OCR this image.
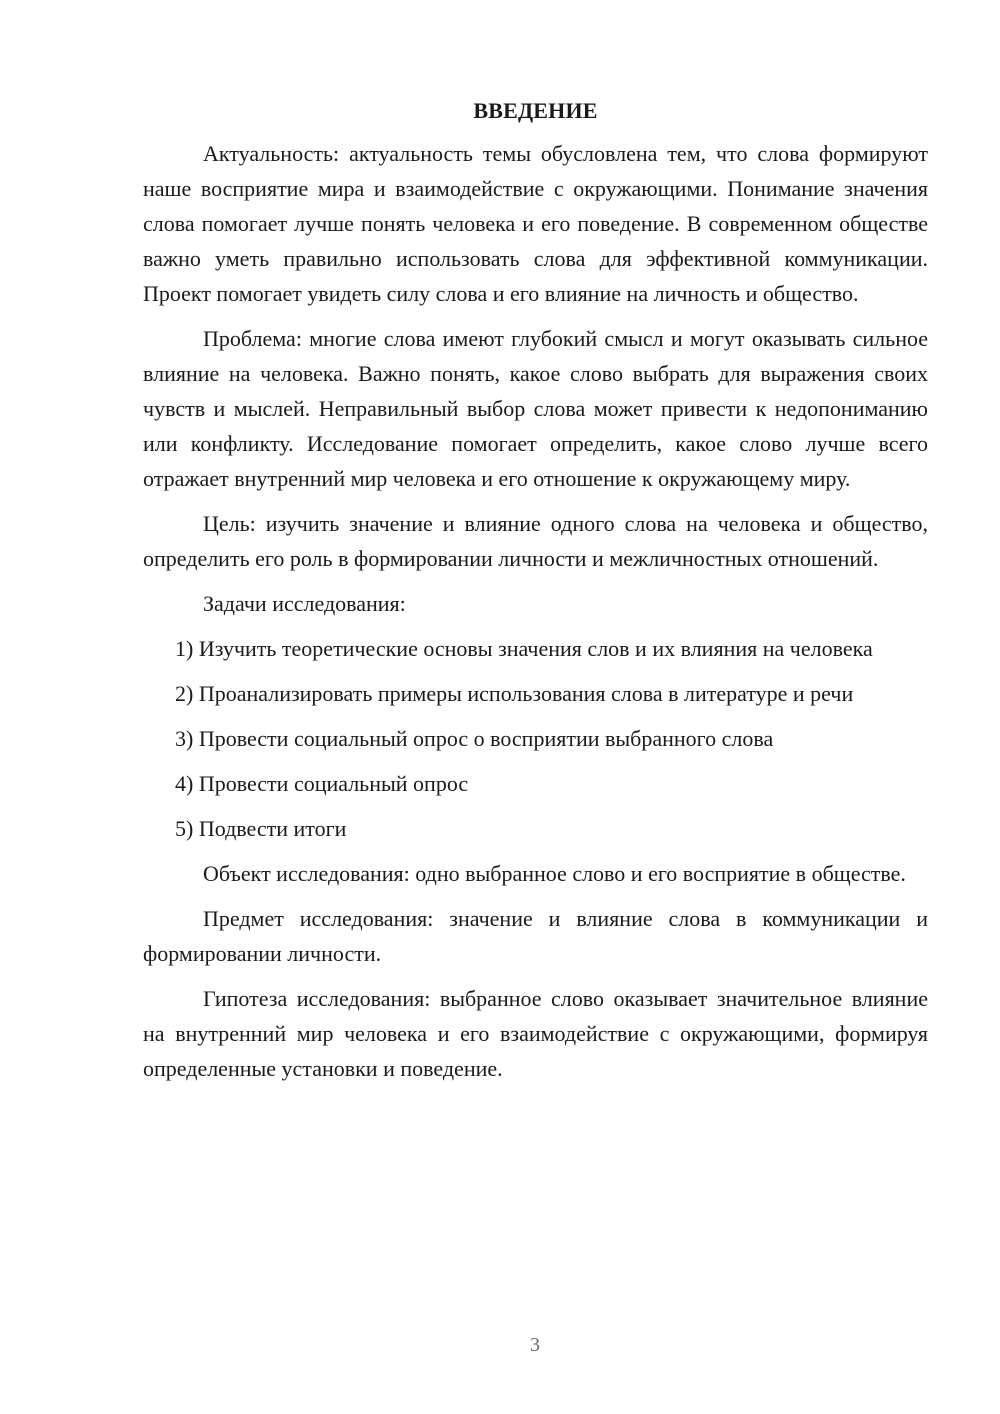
ВВЕДЕНИЕ

Актуальность: актуальность темы обусловлена тем, что слова формируют наше восприятие мира и взаимодействие с окружающими. Понимание значения слова помогает лучше понять человека и его поведение. В современном обществе важно уметь правильно использовать слова для эффективной коммуникации. Проект помогает увидеть силу слова и его влияние на личность и общество.

Проблема: многие слова имеют глубокий смысл и могут оказывать сильное влияние на человека. Важно понять, какое слово выбрать для выражения своих чувств и мыслей. Неправильный выбор слова может привести к недопониманию или конфликту. Исследование помогает определить, какое слово лучше всего отражает внутренний мир человека и его отношение к окружающему миру.

Цель: изучить значение и влияние одного слова на человека и общество, определить его роль в формировании личности и межличностных отношений.

Задачи исследования:

1) Изучить теоретические основы значения слов и их влияния на человека

2) Проанализировать примеры использования слова в литературе и речи

3) Провести социальный опрос о восприятии выбранного слова

4) Провести социальный опрос

5) Подвести итоги

Объект исследования: одно выбранное слово и его восприятие в обществе.

Предмет исследования: значение и влияние слова в коммуникации и формировании личности.

Гипотеза исследования: выбранное слово оказывает значительное влияние на внутренний мир человека и его взаимодействие с окружающими, формируя определенные установки и поведение.

3
